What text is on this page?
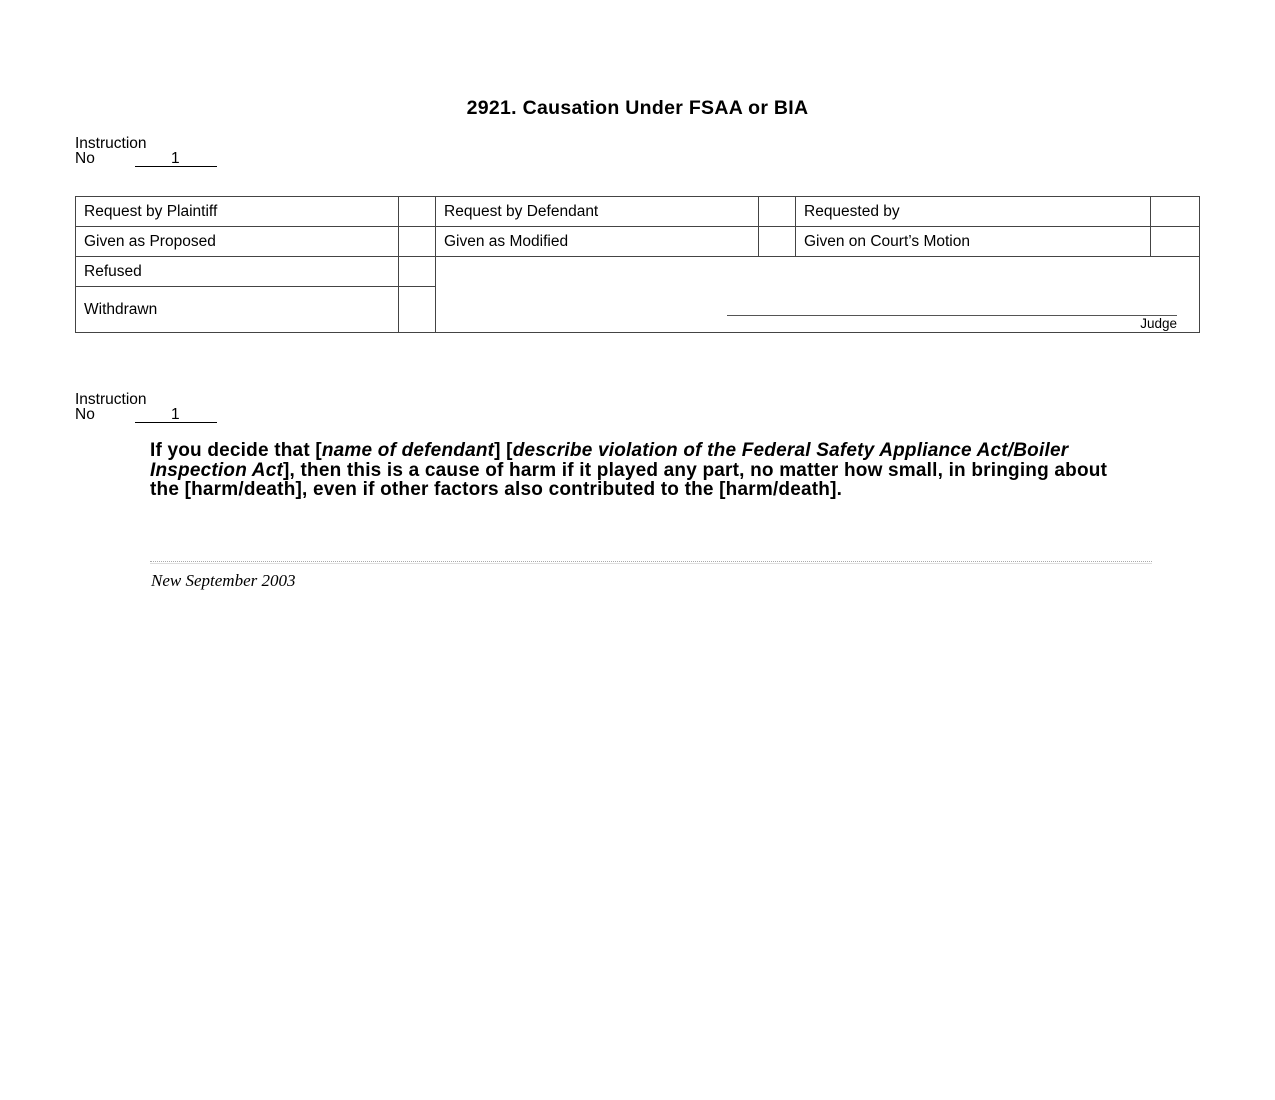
2921. Causation Under FSAA or BIA
Instruction
No	1
Request by Plaintiff		Request by Defendant		Requested by	
Given as Proposed		Given as Modified		Given on Court’s Motion	
Refused		Judge			

Withdrawn					
Instruction
No	1
If you decide that [name of defendant] [describe violation of the Federal Safety Appliance Act/Boiler Inspection Act], then this is a cause of harm if it played any part, no matter how small, in bringing about the [harm/death], even if other factors also contributed to the [harm/death].
New September 2003
